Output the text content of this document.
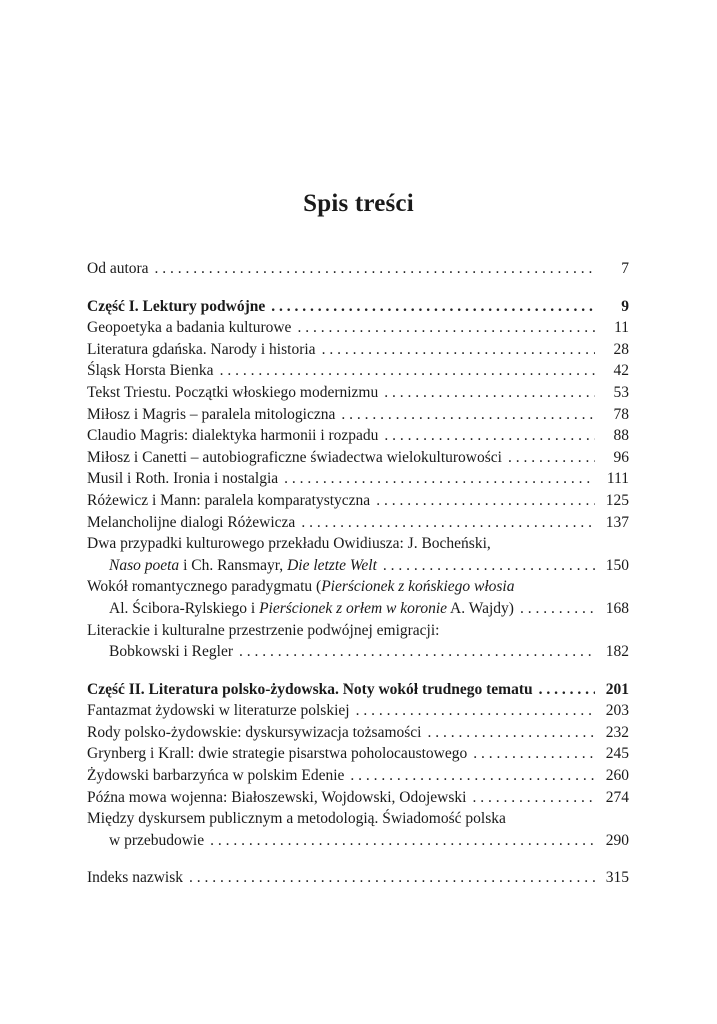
Spis treści
Od autora . . .	7
Część I. Lektury podwójne . . .	9
Geopoetyka a badania kulturowe . . .	11
Literatura gdańska. Narody i historia . . .	28
Śląsk Horsta Bienka . . .	42
Tekst Triestu. Początki włoskiego modernizmu . . .	53
Miłosz i Magris – paralela mitologiczna . . .	78
Claudio Magris: dialektyka harmonii i rozpadu . . .	88
Miłosz i Canetti – autobiograficzne świadectwa wielokulturowości . . .	96
Musil i Roth. Ironia i nostalgia . . .	111
Różewicz i Mann: paralela komparatystyczna . . .	125
Melancholijne dialogi Różewicza . . .	137
Dwa przypadki kulturowego przekładu Owidiusza: J. Bocheński,
Naso poeta i Ch. Ransmayr, Die letzte Welt . . .	150
Wokół romantycznego paradygmatu (Pierścionek z końskiego włosia
Al. Ścibora-Rylskiego i Pierścionek z orłem w koronie A. Wajdy) . . .	168
Literackie i kulturalne przestrzenie podwójnej emigracji:
Bobkowski i Regler . . .	182
Część II. Literatura polsko-żydowska. Noty wokół trudnego tematu . . .	201
Fantazmat żydowski w literaturze polskiej . . .	203
Rody polsko-żydowskie: dyskursywizacja tożsamości . . .	232
Grynberg i Krall: dwie strategie pisarstwa poholocaustowego . . .	245
Żydowski barbarzyńca w polskim Edenie . . .	260
Późna mowa wojenna: Białoszewski, Wojdowski, Odojewski . . .	274
Między dyskursem publicznym a metodologią. Świadomość polska
w przebudowie . . .	290
Indeks nazwisk . . .	315
